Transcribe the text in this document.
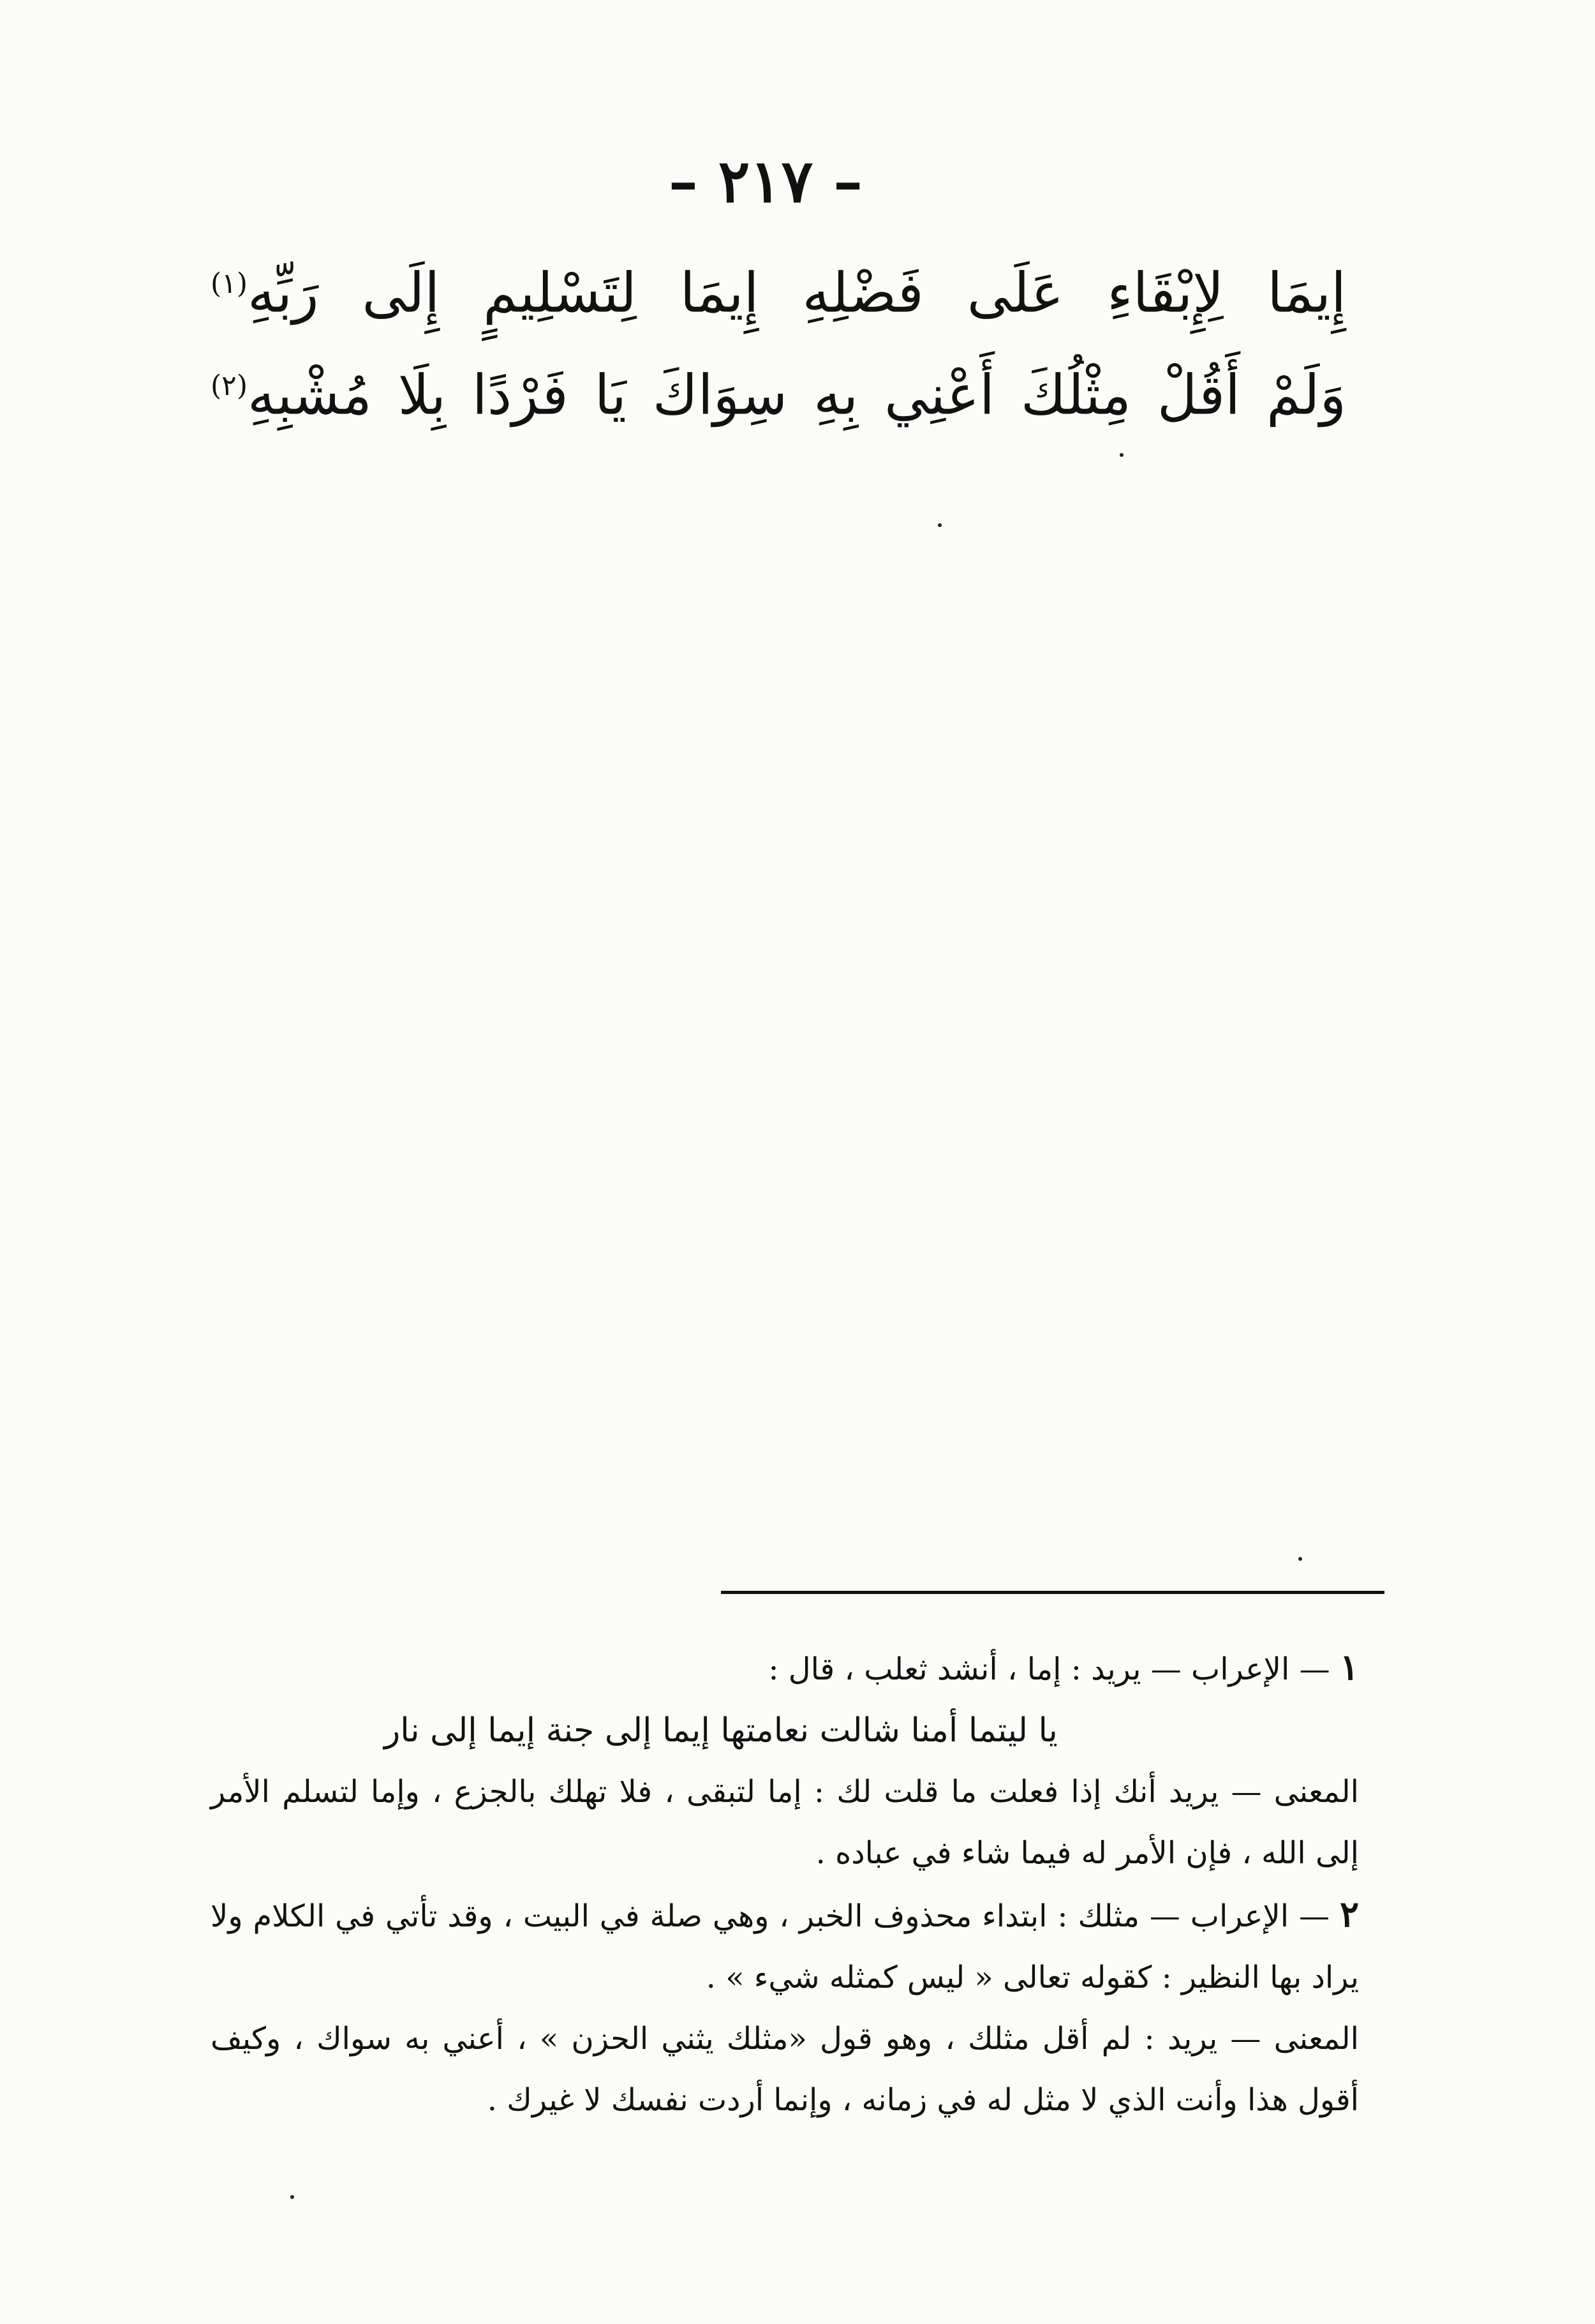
– ٢١٧ –
إِيمَا لِإِبْقَاءِ عَلَى فَضْلِهِ إِيمَا لِتَسْلِيمٍ إِلَى رَبِّهِ$^{(١)}$
وَلَمْ أَقُلْ مِثْلُكَ أَعْنِي بِهِ سِوَاكَ يَا فَرْدًا بِلَا مُشْبِهِ$^{(٢)}$
١ — الإعراب — يريد : إما ، أنشد ثعلب ، قال :
يا ليتما أمنا شالت نعامتها إيما إلى جنة إيما إلى نار
المعنى — يريد أنك إذا فعلت ما قلت لك : إما لتبقى ، فلا تهلك بالجزع ، وإما لتسلم الأمر
إلى الله ، فإن الأمر له فيما شاء في عباده .
٢ — الإعراب — مثلك : ابتداء محذوف الخبر ، وهي صلة في البيت ، وقد تأتي في الكلام ولا
يراد بها النظير : كقوله تعالى « ليس كمثله شيء » .
المعنى — يريد : لم أقل مثلك ، وهو قول «مثلك يثني الحزن » ، أعني به سواك ، وكيف
أقول هذا وأنت الذي لا مثل له في زمانه ، وإنما أردت نفسك لا غيرك .
